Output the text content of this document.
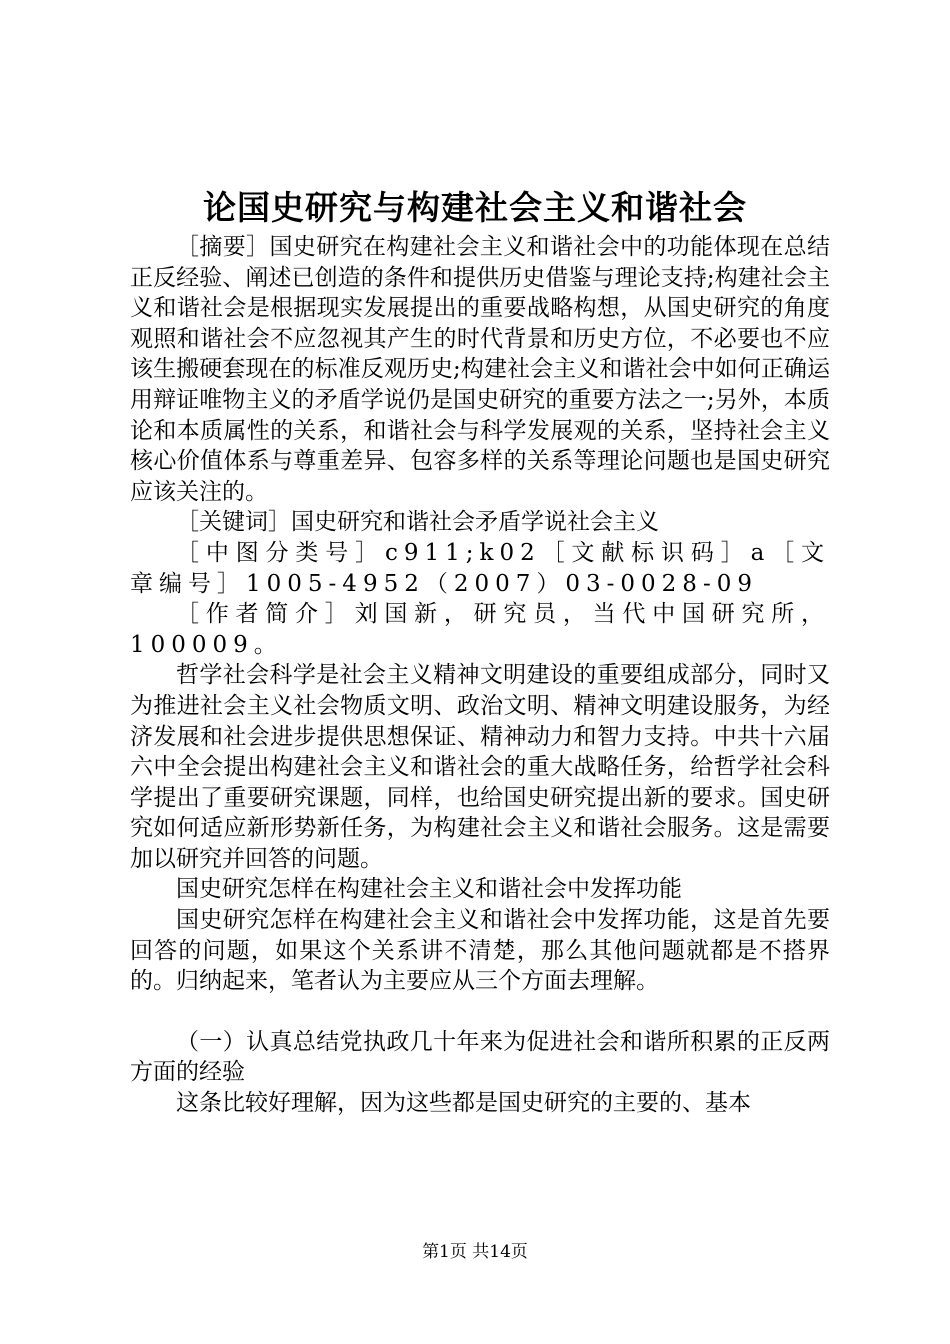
论国史研究与构建社会主义和谐社会

［摘要］国史研究在构建社会主义和谐社会中的功能体现在总结正反经验、阐述已创造的条件和提供历史借鉴与理论支持;构建社会主义和谐社会是根据现实发展提出的重要战略构想，从国史研究的角度观照和谐社会不应忽视其产生的时代背景和历史方位，不必要也不应该生搬硬套现在的标准反观历史;构建社会主义和谐社会中如何正确运用辩证唯物主义的矛盾学说仍是国史研究的重要方法之一;另外，本质论和本质属性的关系，和谐社会与科学发展观的关系，坚持社会主义核心价值体系与尊重差异、包容多样的关系等理论问题也是国史研究应该关注的。

［关键词］国史研究和谐社会矛盾学说社会主义

［中图分类号］c911;k02［文献标识码］a［文章编号］1005-4952（2007）03-0028-09

［作者简介］刘国新，研究员，当代中国研究所，100009。

哲学社会科学是社会主义精神文明建设的重要组成部分，同时又为推进社会主义社会物质文明、政治文明、精神文明建设服务，为经济发展和社会进步提供思想保证、精神动力和智力支持。中共十六届六中全会提出构建社会主义和谐社会的重大战略任务，给哲学社会科学提出了重要研究课题，同样，也给国史研究提出新的要求。国史研究如何适应新形势新任务，为构建社会主义和谐社会服务。这是需要加以研究并回答的问题。

国史研究怎样在构建社会主义和谐社会中发挥功能

国史研究怎样在构建社会主义和谐社会中发挥功能，这是首先要回答的问题，如果这个关系讲不清楚，那么其他问题就都是不搭界的。归纳起来，笔者认为主要应从三个方面去理解。

（一）认真总结党执政几十年来为促进社会和谐所积累的正反两方面的经验

这条比较好理解，因为这些都是国史研究的主要的、基本

第1页 共14页
